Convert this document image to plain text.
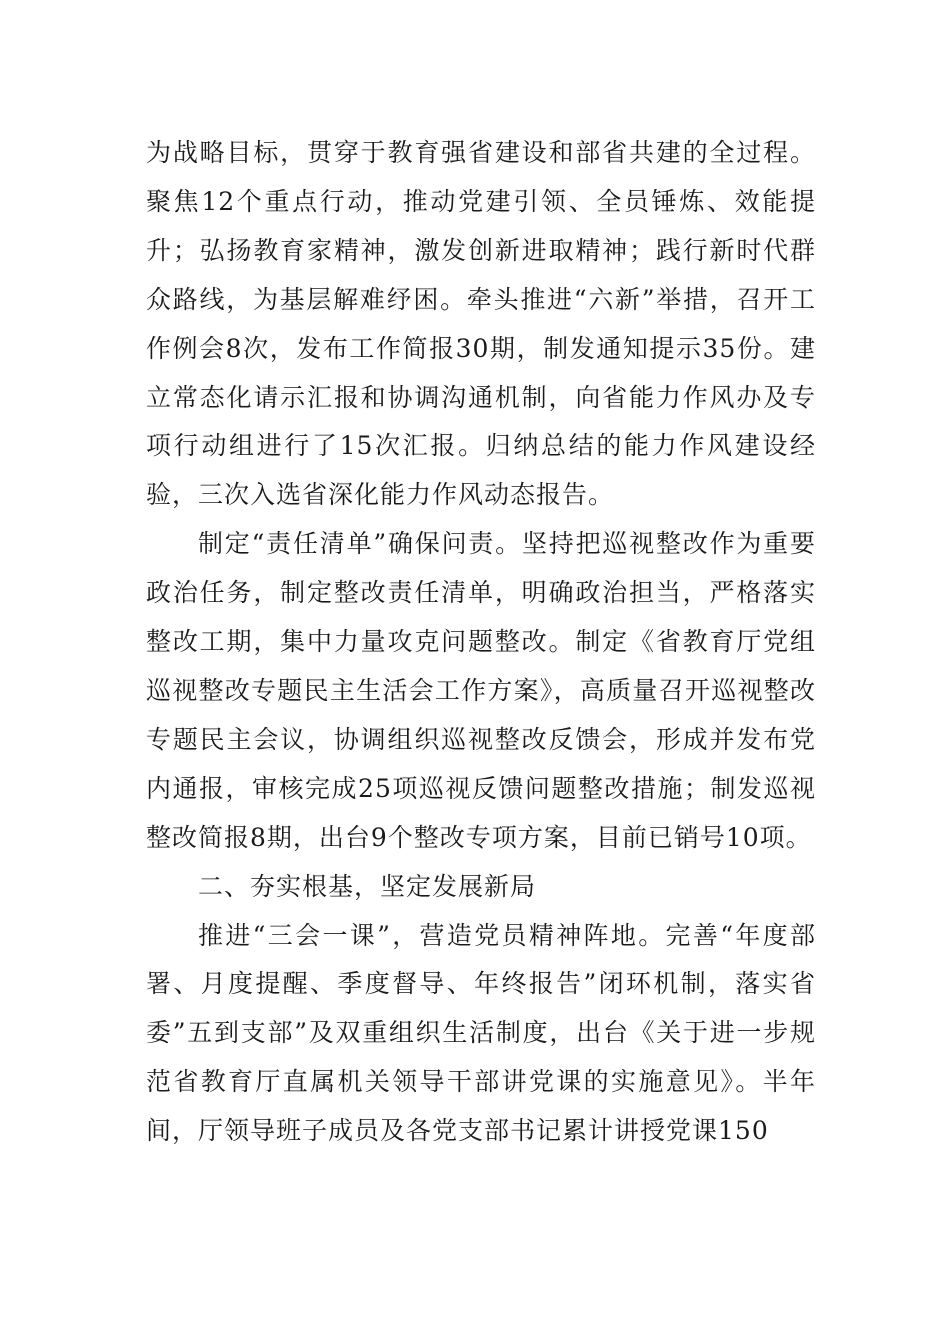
为战略目标，贯穿于教育强省建设和部省共建的全过程。聚焦12个重点行动，推动党建引领、全员锤炼、效能提升；弘扬教育家精神，激发创新进取精神；践行新时代群众路线，为基层解难纾困。牵头推进“六新”举措，召开工作例会8次，发布工作简报30期，制发通知提示35份。建立常态化请示汇报和协调沟通机制，向省能力作风办及专项行动组进行了15次汇报。归纳总结的能力作风建设经验，三次入选省深化能力作风动态报告。

制定“责任清单”确保问责。坚持把巡视整改作为重要政治任务，制定整改责任清单，明确政治担当，严格落实整改工期，集中力量攻克问题整改。制定《省教育厅党组巡视整改专题民主生活会工作方案》，高质量召开巡视整改专题民主会议，协调组织巡视整改反馈会，形成并发布党内通报，审核完成25项巡视反馈问题整改措施；制发巡视整改简报8期，出台9个整改专项方案，目前已销号10项。

二、夯实根基，坚定发展新局

推进“三会一课”，营造党员精神阵地。完善“年度部署、月度提醒、季度督导、年终报告”闭环机制，落实省委”五到支部”及双重组织生活制度，出台《关于进一步规范省教育厅直属机关领导干部讲党课的实施意见》。半年间，厅领导班子成员及各党支部书记累计讲授党课150
